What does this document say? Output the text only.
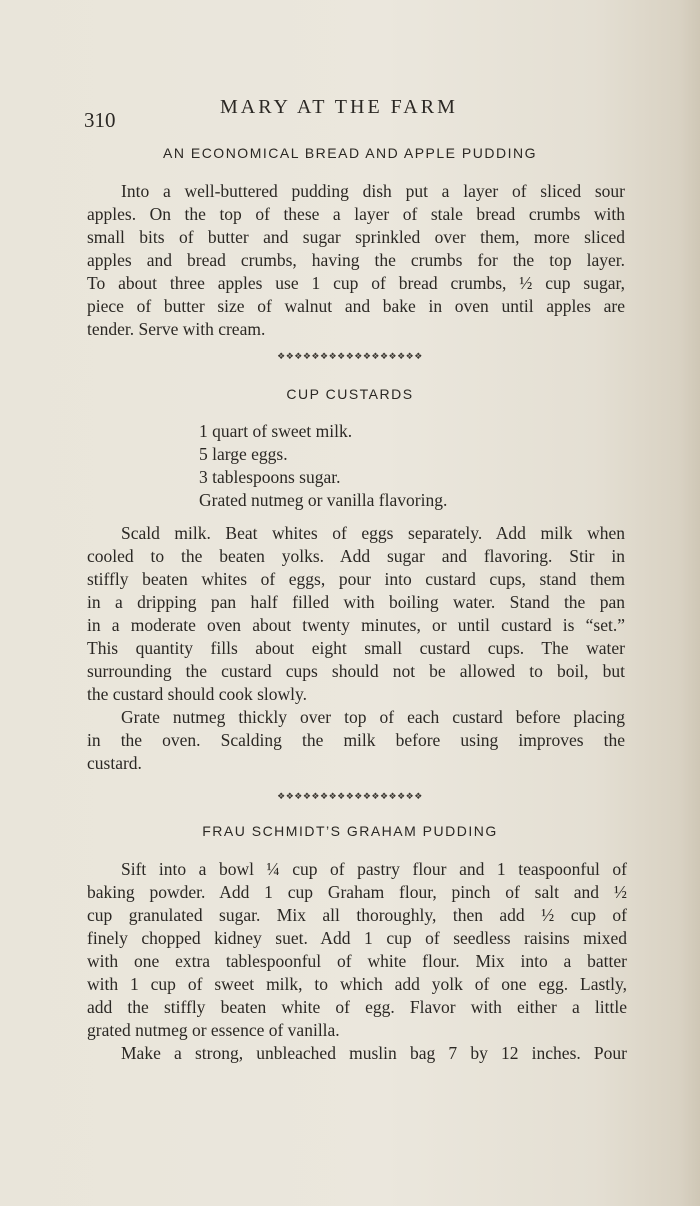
310
MARY AT THE FARM
AN ECONOMICAL BREAD AND APPLE PUDDING
Into a well-buttered pudding dish put a layer of sliced sour
apples. On the top of these a layer of stale bread crumbs with
small bits of butter and sugar sprinkled over them, more sliced
apples and bread crumbs, having the crumbs for the top layer.
To about three apples use 1 cup of bread crumbs, ½ cup sugar,
piece of butter size of walnut and bake in oven until apples are
tender. Serve with cream.
❖❖❖❖❖❖❖❖❖❖❖❖❖❖❖❖❖
CUP CUSTARDS
1 quart of sweet milk.
5 large eggs.
3 tablespoons sugar.
Grated nutmeg or vanilla flavoring.
Scald milk. Beat whites of eggs separately. Add milk when
cooled to the beaten yolks. Add sugar and flavoring. Stir in
stiffly beaten whites of eggs, pour into custard cups, stand them
in a dripping pan half filled with boiling water. Stand the pan
in a moderate oven about twenty minutes, or until custard is “set.”
This quantity fills about eight small custard cups. The water
surrounding the custard cups should not be allowed to boil, but
the custard should cook slowly.
Grate nutmeg thickly over top of each custard before placing
in the oven. Scalding the milk before using improves the
custard.
❖❖❖❖❖❖❖❖❖❖❖❖❖❖❖❖❖
FRAU SCHMIDT’S GRAHAM PUDDING
Sift into a bowl ¼ cup of pastry flour and 1 teaspoonful of
baking powder. Add 1 cup Graham flour, pinch of salt and ½
cup granulated sugar. Mix all thoroughly, then add ½ cup of
finely chopped kidney suet. Add 1 cup of seedless raisins mixed
with one extra tablespoonful of white flour. Mix into a batter
with 1 cup of sweet milk, to which add yolk of one egg. Lastly,
add the stiffly beaten white of egg. Flavor with either a little
grated nutmeg or essence of vanilla.
Make a strong, unbleached muslin bag 7 by 12 inches. Pour
